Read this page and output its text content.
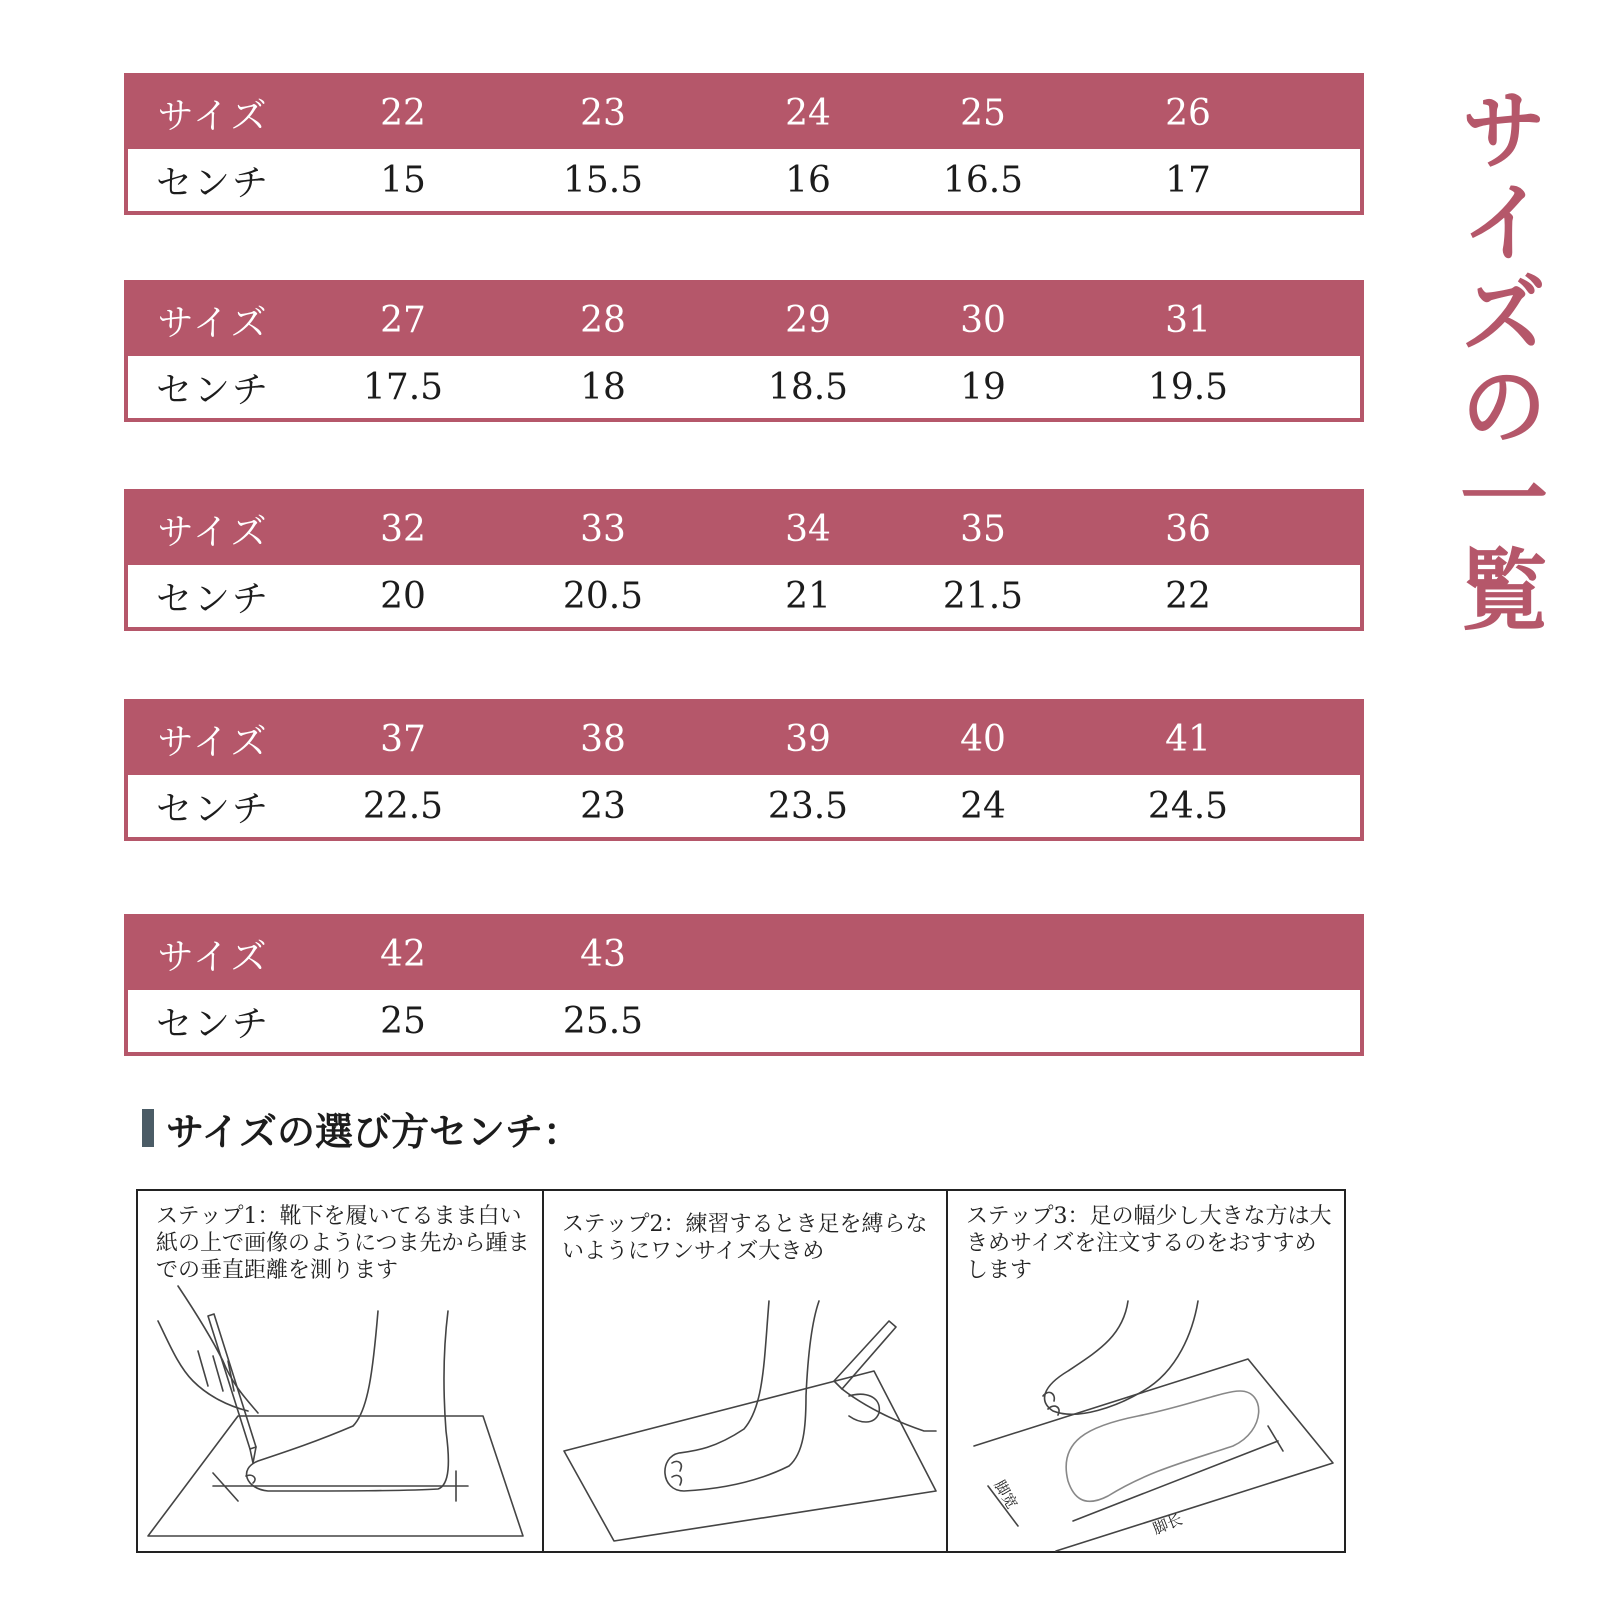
サイズ	22	23	24	25	26
センチ	15	15.5	16	16.5	17
サイズ	27	28	29	30	31
センチ	17.5	18	18.5	19	19.5
サイズ	32	33	34	35	36
センチ	20	20.5	21	21.5	22
サイズ	37	38	39	40	41
センチ	22.5	23	23.5	24	24.5
サイズ	42	43
センチ	25	25.5
サイズの一覧
サイズの選び方センチ：
ステップ1：靴下を履いてるまま白い紙の上で画像のようにつま先から踵までの垂直距離を測ります
ステップ2：練習するとき足を縛らないようにワンサイズ大きめ
ステップ3：足の幅少し大きな方は大きめサイズを注文するのをおすすめします
脚宽
脚长
